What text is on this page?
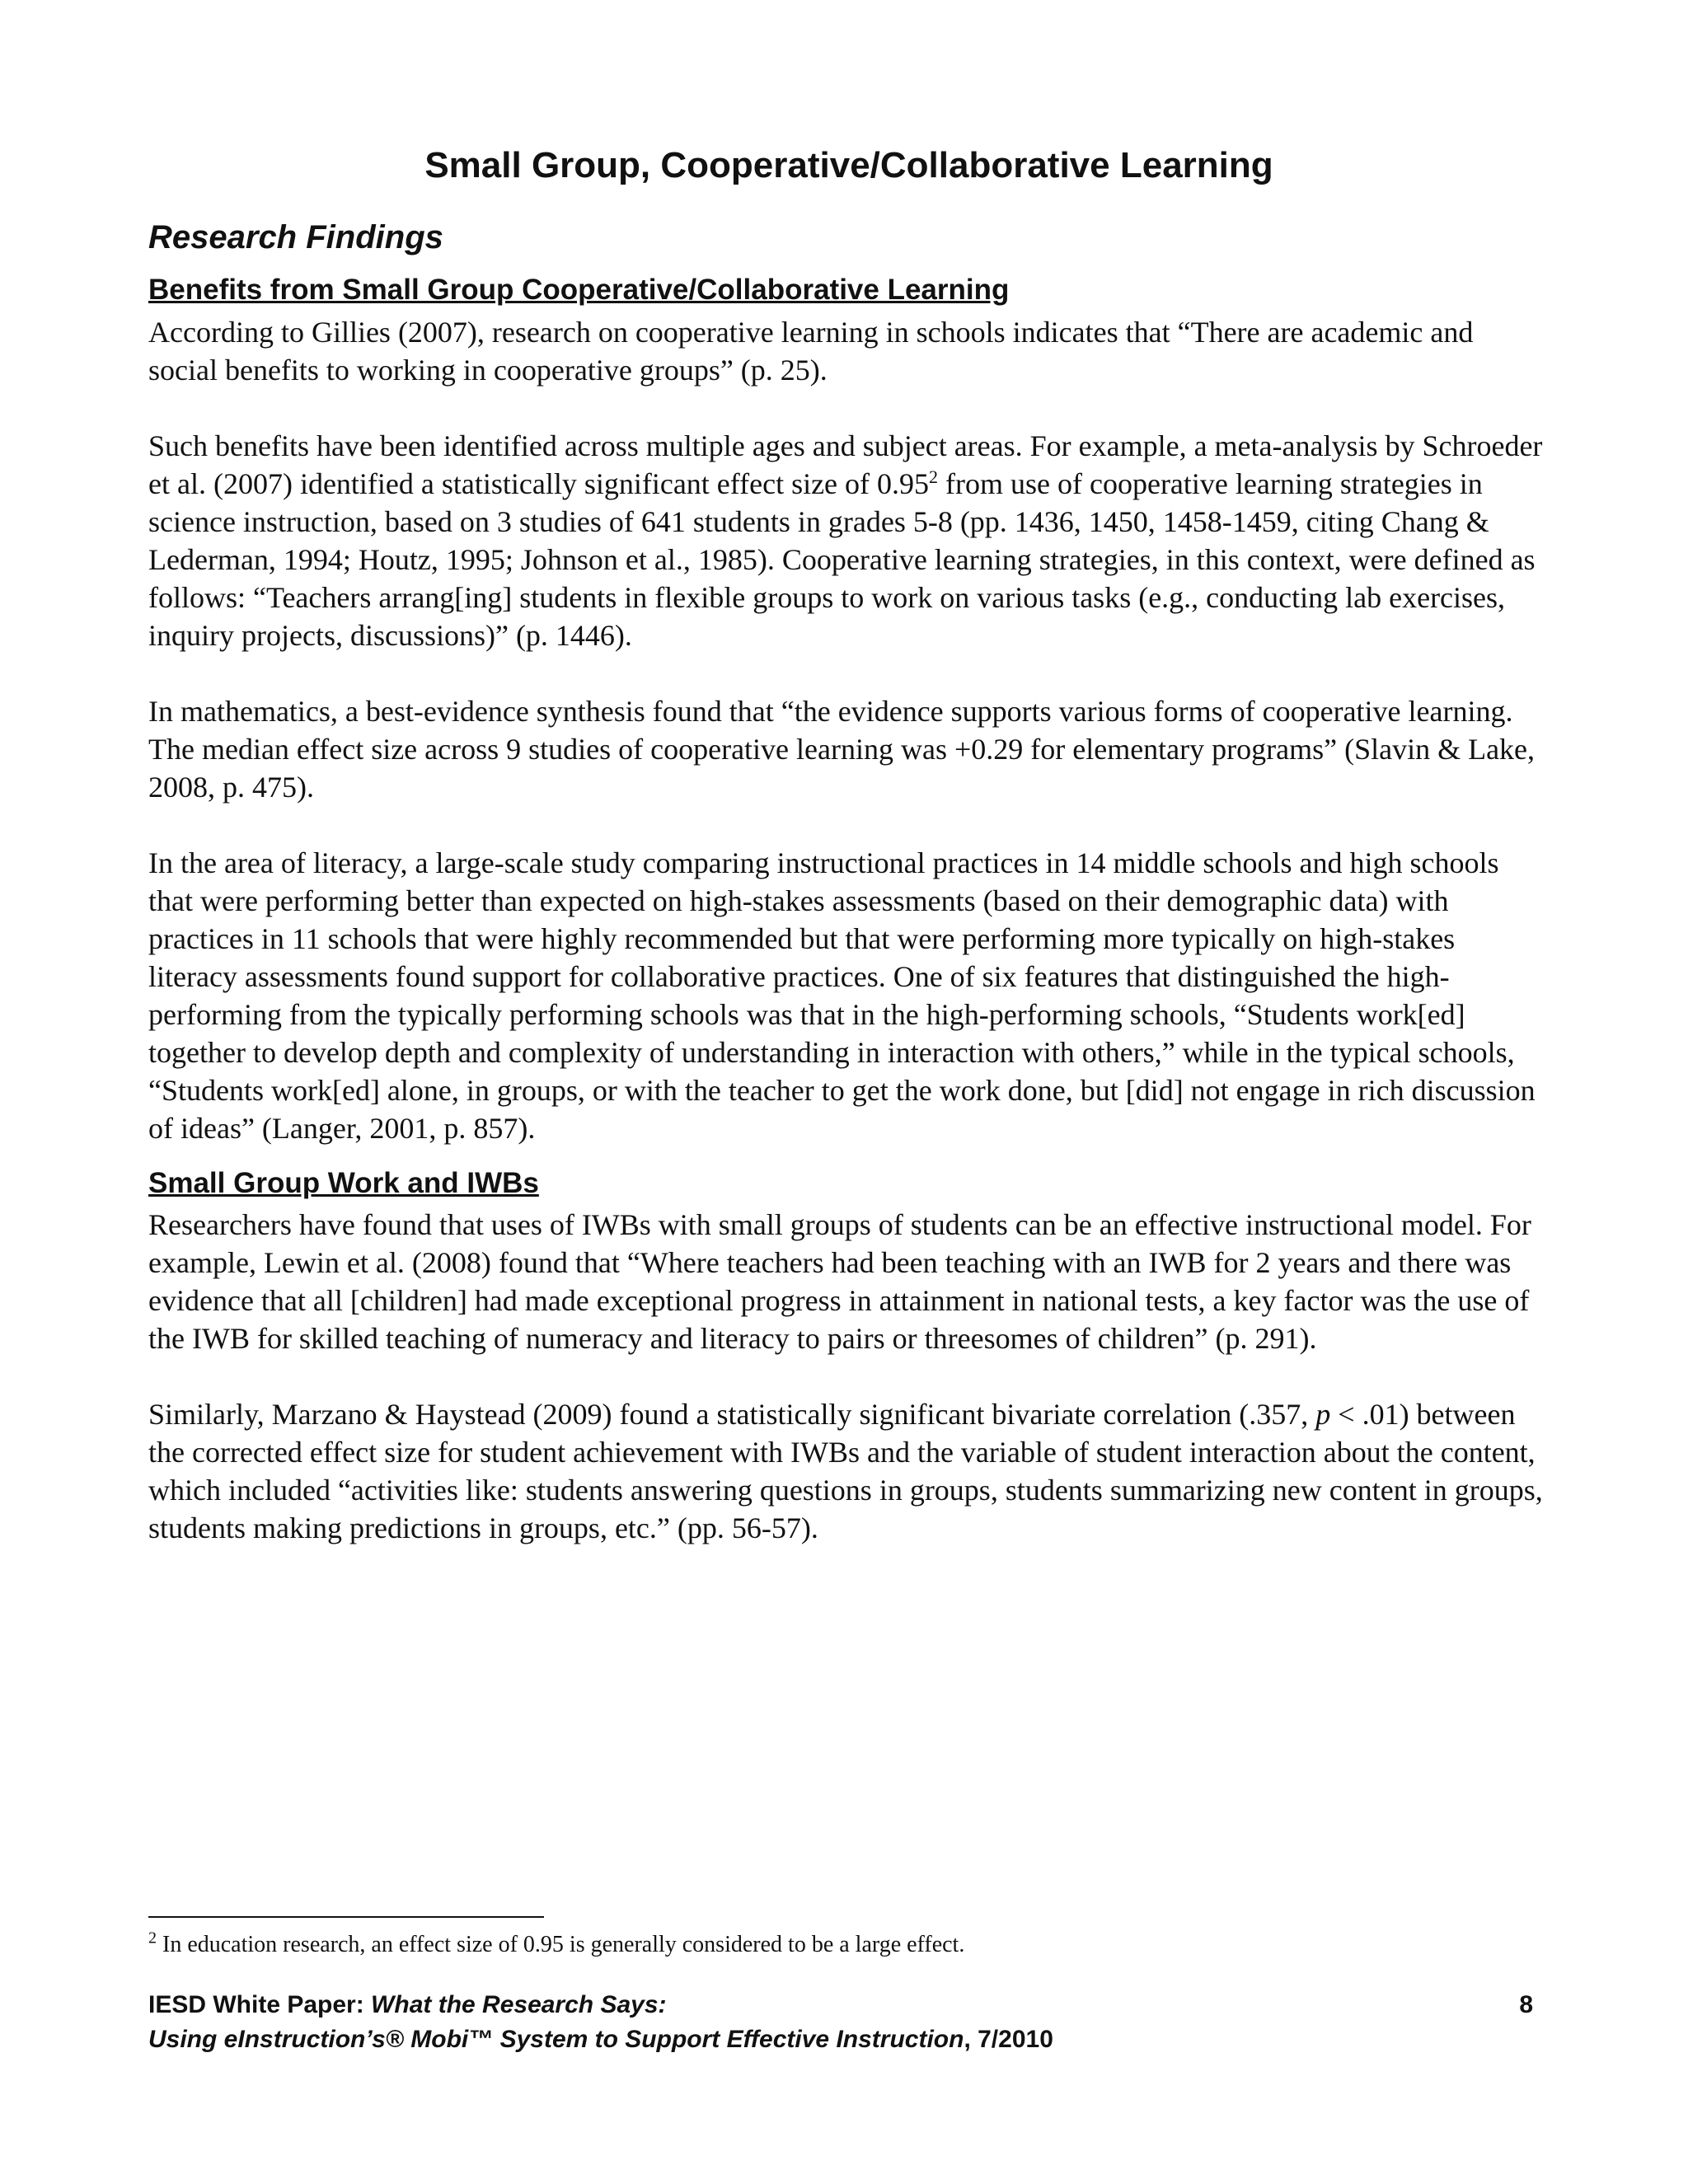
Small Group, Cooperative/Collaborative Learning
Research Findings
Benefits from Small Group Cooperative/Collaborative Learning

According to Gillies (2007), research on cooperative learning in schools indicates that “There are academic and social benefits to working in cooperative groups” (p. 25).

Such benefits have been identified across multiple ages and subject areas. For example, a meta-analysis by Schroeder et al. (2007) identified a statistically significant effect size of 0.95$^2$ from use of cooperative learning strategies in science instruction, based on 3 studies of 641 students in grades 5-8 (pp. 1436, 1450, 1458-1459, citing Chang & Lederman, 1994; Houtz, 1995; Johnson et al., 1985). Cooperative learning strategies, in this context, were defined as follows: “Teachers arrang[ing] students in flexible groups to work on various tasks (e.g., conducting lab exercises, inquiry projects, discussions)” (p. 1446).

In mathematics, a best-evidence synthesis found that “the evidence supports various forms of cooperative learning. The median effect size across 9 studies of cooperative learning was +0.29 for elementary programs” (Slavin & Lake, 2008, p. 475).

In the area of literacy, a large-scale study comparing instructional practices in 14 middle schools and high schools that were performing better than expected on high-stakes assessments (based on their demographic data) with practices in 11 schools that were highly recommended but that were performing more typically on high-stakes literacy assessments found support for collaborative practices. One of six features that distinguished the high-performing from the typically performing schools was that in the high-performing schools, “Students work[ed] together to develop depth and complexity of understanding in interaction with others,” while in the typical schools, “Students work[ed] alone, in groups, or with the teacher to get the work done, but [did] not engage in rich discussion of ideas” (Langer, 2001, p. 857).

Small Group Work and IWBs

Researchers have found that uses of IWBs with small groups of students can be an effective instructional model. For example, Lewin et al. (2008) found that “Where teachers had been teaching with an IWB for 2 years and there was evidence that all [children] had made exceptional progress in attainment in national tests, a key factor was the use of the IWB for skilled teaching of numeracy and literacy to pairs or threesomes of children” (p. 291).

Similarly, Marzano & Haystead (2009) found a statistically significant bivariate correlation (.357, p < .01) between the corrected effect size for student achievement with IWBs and the variable of student interaction about the content, which included “activities like: students answering questions in groups, students summarizing new content in groups, students making predictions in groups, etc.” (pp. 56-57).

$^2$ In education research, an effect size of 0.95 is generally considered to be a large effect.
IESD White Paper: What the Research Says:	8
Using eInstruction’s® Mobi™ System to Support Effective Instruction, 7/2010
